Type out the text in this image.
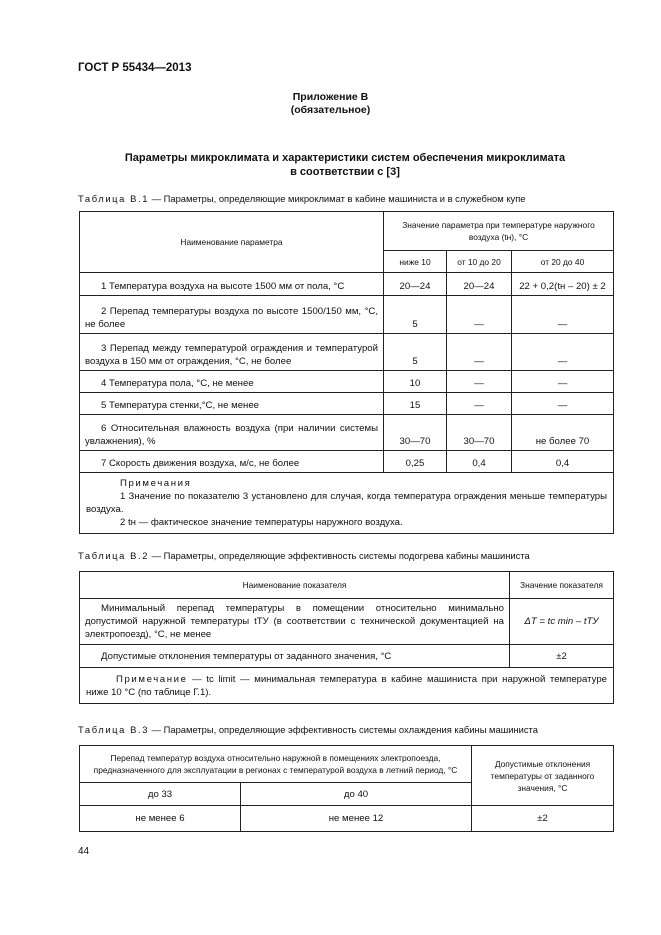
ГОСТ Р 55434—2013
Приложение В
(обязательное)
Параметры микроклимата и характеристики систем обеспечения микроклимата
в соответствии с [3]
Таблица В.1 — Параметры, определяющие микроклимат в кабине машиниста и в служебном купе
Наименование параметра	Значение параметра при температуре наружного воздуха (tн), °С		
	ниже 10	от 10 до 20	от 20 до 40
1 Температура воздуха на высоте 1500 мм от пола, °С	20—24	20—24	22 + 0,2(tн – 20) ± 2
2 Перепад температуры воздуха по высоте 1500/150 мм, °С, не более	5	—	—
3 Перепад между температурой ограждения и температурой воздуха в 150 мм от ограждения, °С, не более	5	—	—
4 Температура пола, °С, не менее	10	—	—
5 Температура стенки,°С, не менее	15	—	—
6 Относительная влажность воздуха (при наличии системы увлажнения), %	30—70	30—70	не более 70
7 Скорость движения воздуха, м/с, не более	0,25	0,4	0,4

Примечания

1 Значение по показателю 3 установлено для случая, когда температура ограждения меньше температуры воздуха.

2 tн — фактическое значение температуры наружного воздуха.			

Таблица В.2 — Параметры, определяющие эффективность системы подогрева кабины машиниста
Наименование показателя	Значение показателя
Минимальный перепад температуры в помещении относительно минимально допустимой наружной температуры tТУ (в соответствии с технической документацией на электропоезд), °С, не менее	ΔT = tc min – tТУ
Допустимые отклонения температуры от заданного значения, °С	±2
Примечание — tc limit — минимальная температура в кабине машиниста при наружной температуре ниже 10 °С (по таблице Г.1).	
Таблица В.3 — Параметры, определяющие эффективность системы охлаждения кабины машиниста
Перепад температур воздуха относительно наружной в помещениях электропоезда, предназначенного для эксплуатации в регионах с температурой воздуха в летний период, °С		Допустимые отклонения температуры от заданного значения, °С
до 33	до 40	
не менее 6	не менее 12	±2
44
